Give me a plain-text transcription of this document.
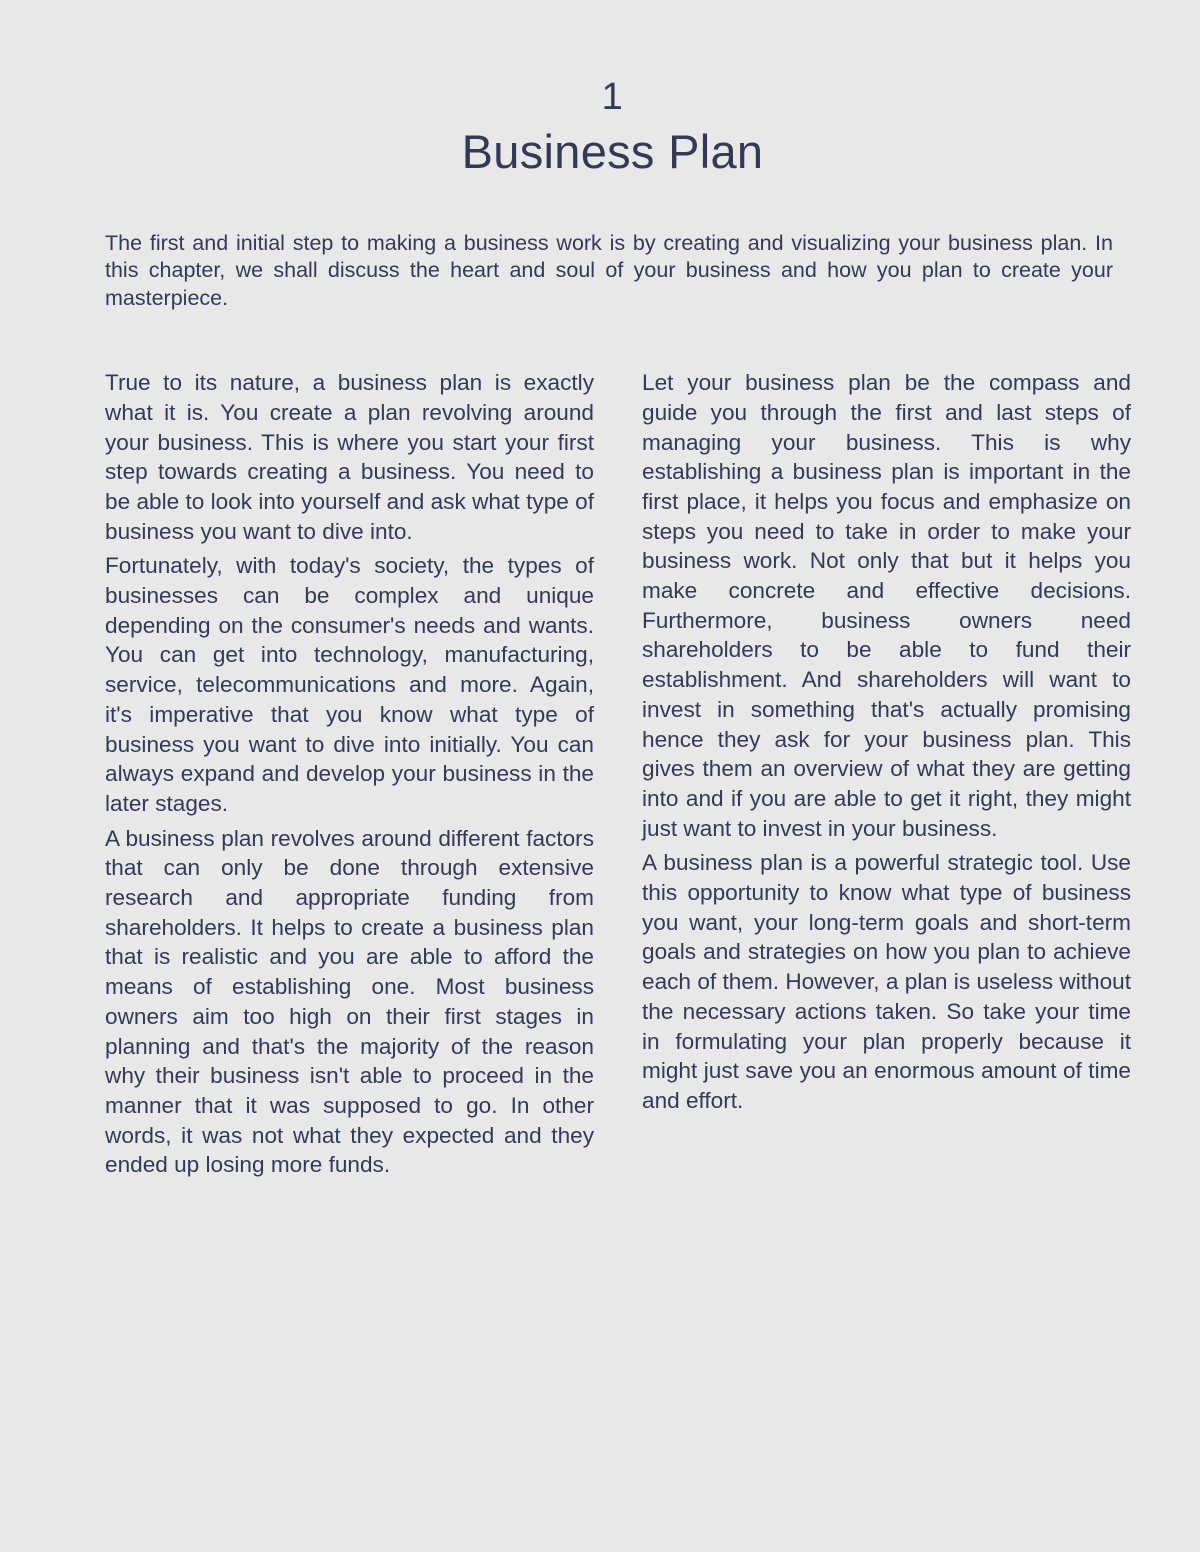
1
Business Plan

The first and initial step to making a business work is by creating and visualizing your business plan. In this chapter, we shall discuss the heart and soul of your business and how you plan to create your masterpiece.

True to its nature, a business plan is exactly what it is. You create a plan revolving around your business. This is where you start your first step towards creating a business. You need to be able to look into yourself and ask what type of business you want to dive into.

Fortunately, with today's society, the types of businesses can be complex and unique depending on the consumer's needs and wants. You can get into technology, manufacturing, service, telecommunications and more. Again, it's imperative that you know what type of business you want to dive into initially. You can always expand and develop your business in the later stages.

A business plan revolves around different factors that can only be done through extensive research and appropriate funding from shareholders. It helps to create a business plan that is realistic and you are able to afford the means of establishing one. Most business owners aim too high on their first stages in planning and that's the majority of the reason why their business isn't able to proceed in the manner that it was supposed to go. In other words, it was not what they expected and they ended up losing more funds.

Let your business plan be the compass and guide you through the first and last steps of managing your business. This is why establishing a business plan is important in the first place, it helps you focus and emphasize on steps you need to take in order to make your business work. Not only that but it helps you make concrete and effective decisions. Furthermore, business owners need shareholders to be able to fund their establishment. And shareholders will want to invest in something that's actually promising hence they ask for your business plan. This gives them an overview of what they are getting into and if you are able to get it right, they might just want to invest in your business.

A business plan is a powerful strategic tool. Use this opportunity to know what type of business you want, your long-term goals and short-term goals and strategies on how you plan to achieve each of them. However, a plan is useless without the necessary actions taken. So take your time in formulating your plan properly because it might just save you an enormous amount of time and effort.
